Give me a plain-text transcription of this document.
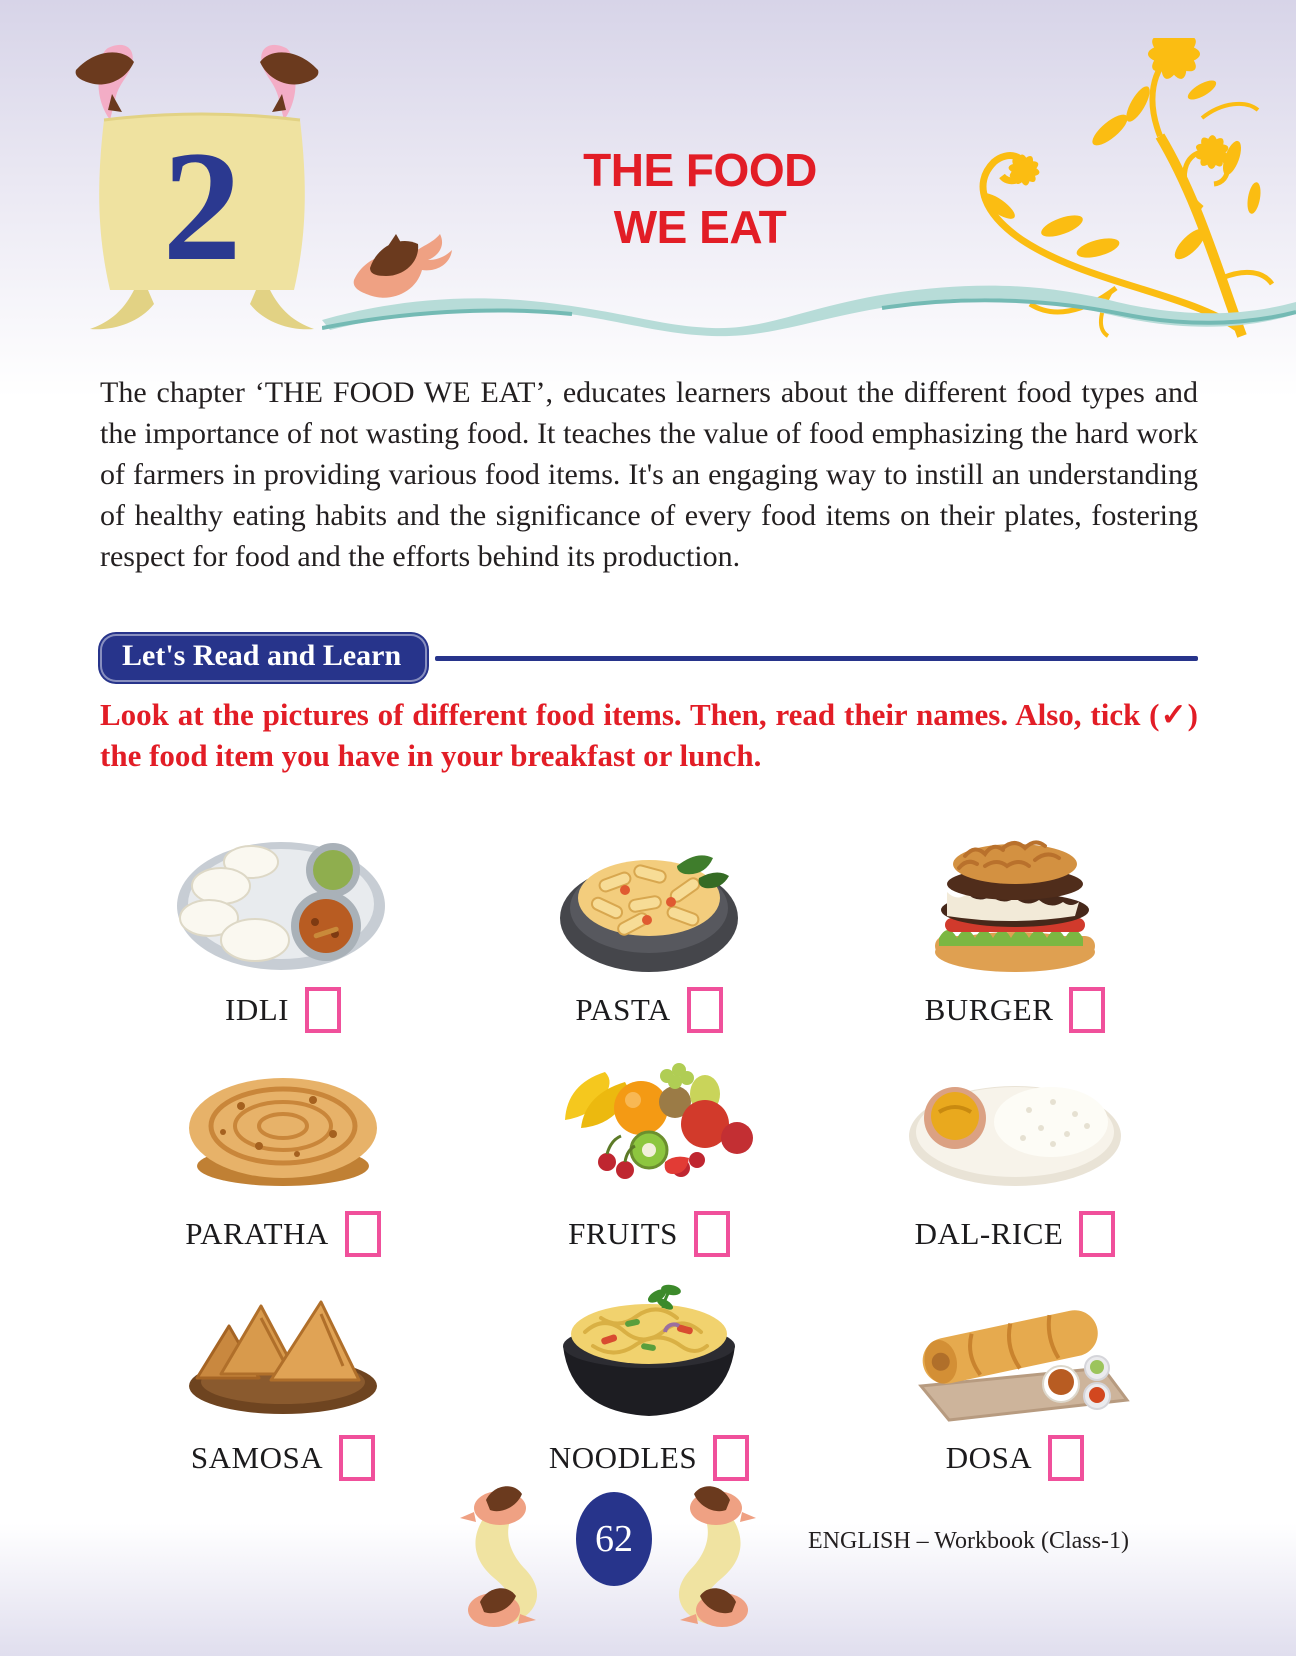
2	THE FOOD
WE EAT

The chapter ‘THE FOOD WE EAT’, educates learners about the different food types and the importance of not wasting food. It teaches the value of food emphasizing the hard work of farmers in providing various food items. It's an engaging way to instill an understanding of healthy eating habits and the significance of every food items on their plates, fostering respect for food and the efforts behind its production.

Let's Read and Learn

Look at the pictures of different food items. Then, read their names. Also, tick (✓) the food item you have in your breakfast or lunch.

IDLI	PASTA	BURGER
PARATHA	FRUITS	DAL-RICE
SAMOSA	NOODLES	DOSA
62	ENGLISH – Workbook (Class-1)
